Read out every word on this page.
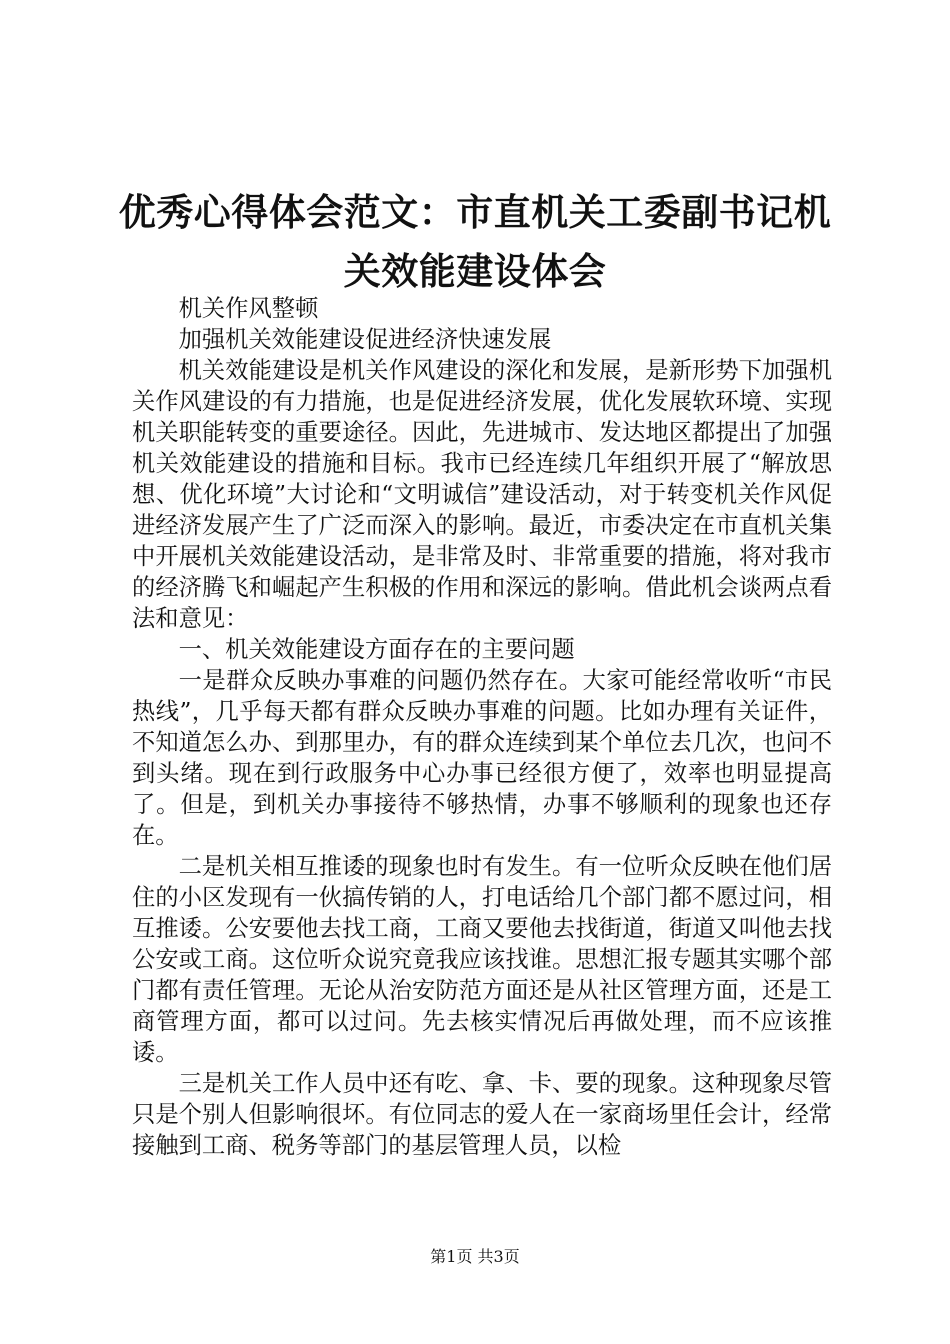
优秀心得体会范文：市直机关工委副书记机关效能建设体会

机关作风整顿

加强机关效能建设促进经济快速发展

机关效能建设是机关作风建设的深化和发展，是新形势下加强机关作风建设的有力措施，也是促进经济发展，优化发展软环境、实现机关职能转变的重要途径。因此，先进城市、发达地区都提出了加强机关效能建设的措施和目标。我市已经连续几年组织开展了“解放思想、优化环境”大讨论和“文明诚信”建设活动，对于转变机关作风促进经济发展产生了广泛而深入的影响。最近，市委决定在市直机关集中开展机关效能建设活动，是非常及时、非常重要的措施，将对我市的经济腾飞和崛起产生积极的作用和深远的影响。借此机会谈两点看法和意见：

一、机关效能建设方面存在的主要问题

一是群众反映办事难的问题仍然存在。大家可能经常收听“市民热线”，几乎每天都有群众反映办事难的问题。比如办理有关证件，不知道怎么办、到那里办，有的群众连续到某个单位去几次，也问不到头绪。现在到行政服务中心办事已经很方便了，效率也明显提高了。但是，到机关办事接待不够热情，办事不够顺利的现象也还存在。

二是机关相互推诿的现象也时有发生。有一位听众反映在他们居住的小区发现有一伙搞传销的人，打电话给几个部门都不愿过问，相互推诿。公安要他去找工商，工商又要他去找街道，街道又叫他去找公安或工商。这位听众说究竟我应该找谁。思想汇报专题其实哪个部门都有责任管理。无论从治安防范方面还是从社区管理方面，还是工商管理方面，都可以过问。先去核实情况后再做处理，而不应该推诿。

三是机关工作人员中还有吃、拿、卡、要的现象。这种现象尽管只是个别人但影响很坏。有位同志的爱人在一家商场里任会计，经常接触到工商、税务等部门的基层管理人员，以检

第1页 共3页
